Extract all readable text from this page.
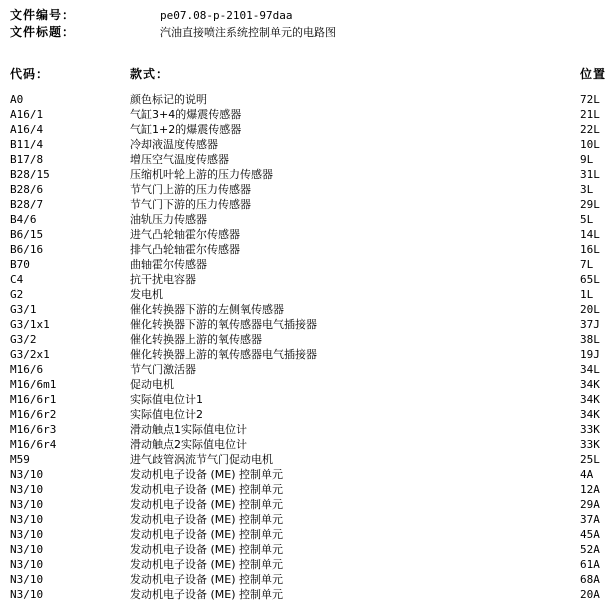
文件编号：	pe07.08-p-2101-97daa
文件标题：	汽油直接喷注系统控制单元的电路图
代码：	款式：	位置
A0	颜色标记的说明	72L
A16/1	气缸3+4的爆震传感器	21L
A16/4	气缸1+2的爆震传感器	22L
B11/4	冷却液温度传感器	10L
B17/8	增压空气温度传感器	9L
B28/15	压缩机叶轮上游的压力传感器	31L
B28/6	节气门上游的压力传感器	3L
B28/7	节气门下游的压力传感器	29L
B4/6	油轨压力传感器	5L
B6/15	进气凸轮轴霍尔传感器	14L
B6/16	排气凸轮轴霍尔传感器	16L
B70	曲轴霍尔传感器	7L
C4	抗干扰电容器	65L
G2	发电机	1L
G3/1	催化转换器下游的左侧氧传感器	20L
G3/1x1	催化转换器下游的氧传感器电气插接器	37J
G3/2	催化转换器上游的氧传感器	38L
G3/2x1	催化转换器上游的氧传感器电气插接器	19J
M16/6	节气门激活器	34L
M16/6m1	促动电机	34K
M16/6r1	实际值电位计1	34K
M16/6r2	实际值电位计2	34K
M16/6r3	滑动触点1实际值电位计	33K
M16/6r4	滑动触点2实际值电位计	33K
M59	进气歧管涡流节气门促动电机	25L
N3/10	发动机电子设备 (ME) 控制单元	4A
N3/10	发动机电子设备 (ME) 控制单元	12A
N3/10	发动机电子设备 (ME) 控制单元	29A
N3/10	发动机电子设备 (ME) 控制单元	37A
N3/10	发动机电子设备 (ME) 控制单元	45A
N3/10	发动机电子设备 (ME) 控制单元	52A
N3/10	发动机电子设备 (ME) 控制单元	61A
N3/10	发动机电子设备 (ME) 控制单元	68A
N3/10	发动机电子设备 (ME) 控制单元	20A
